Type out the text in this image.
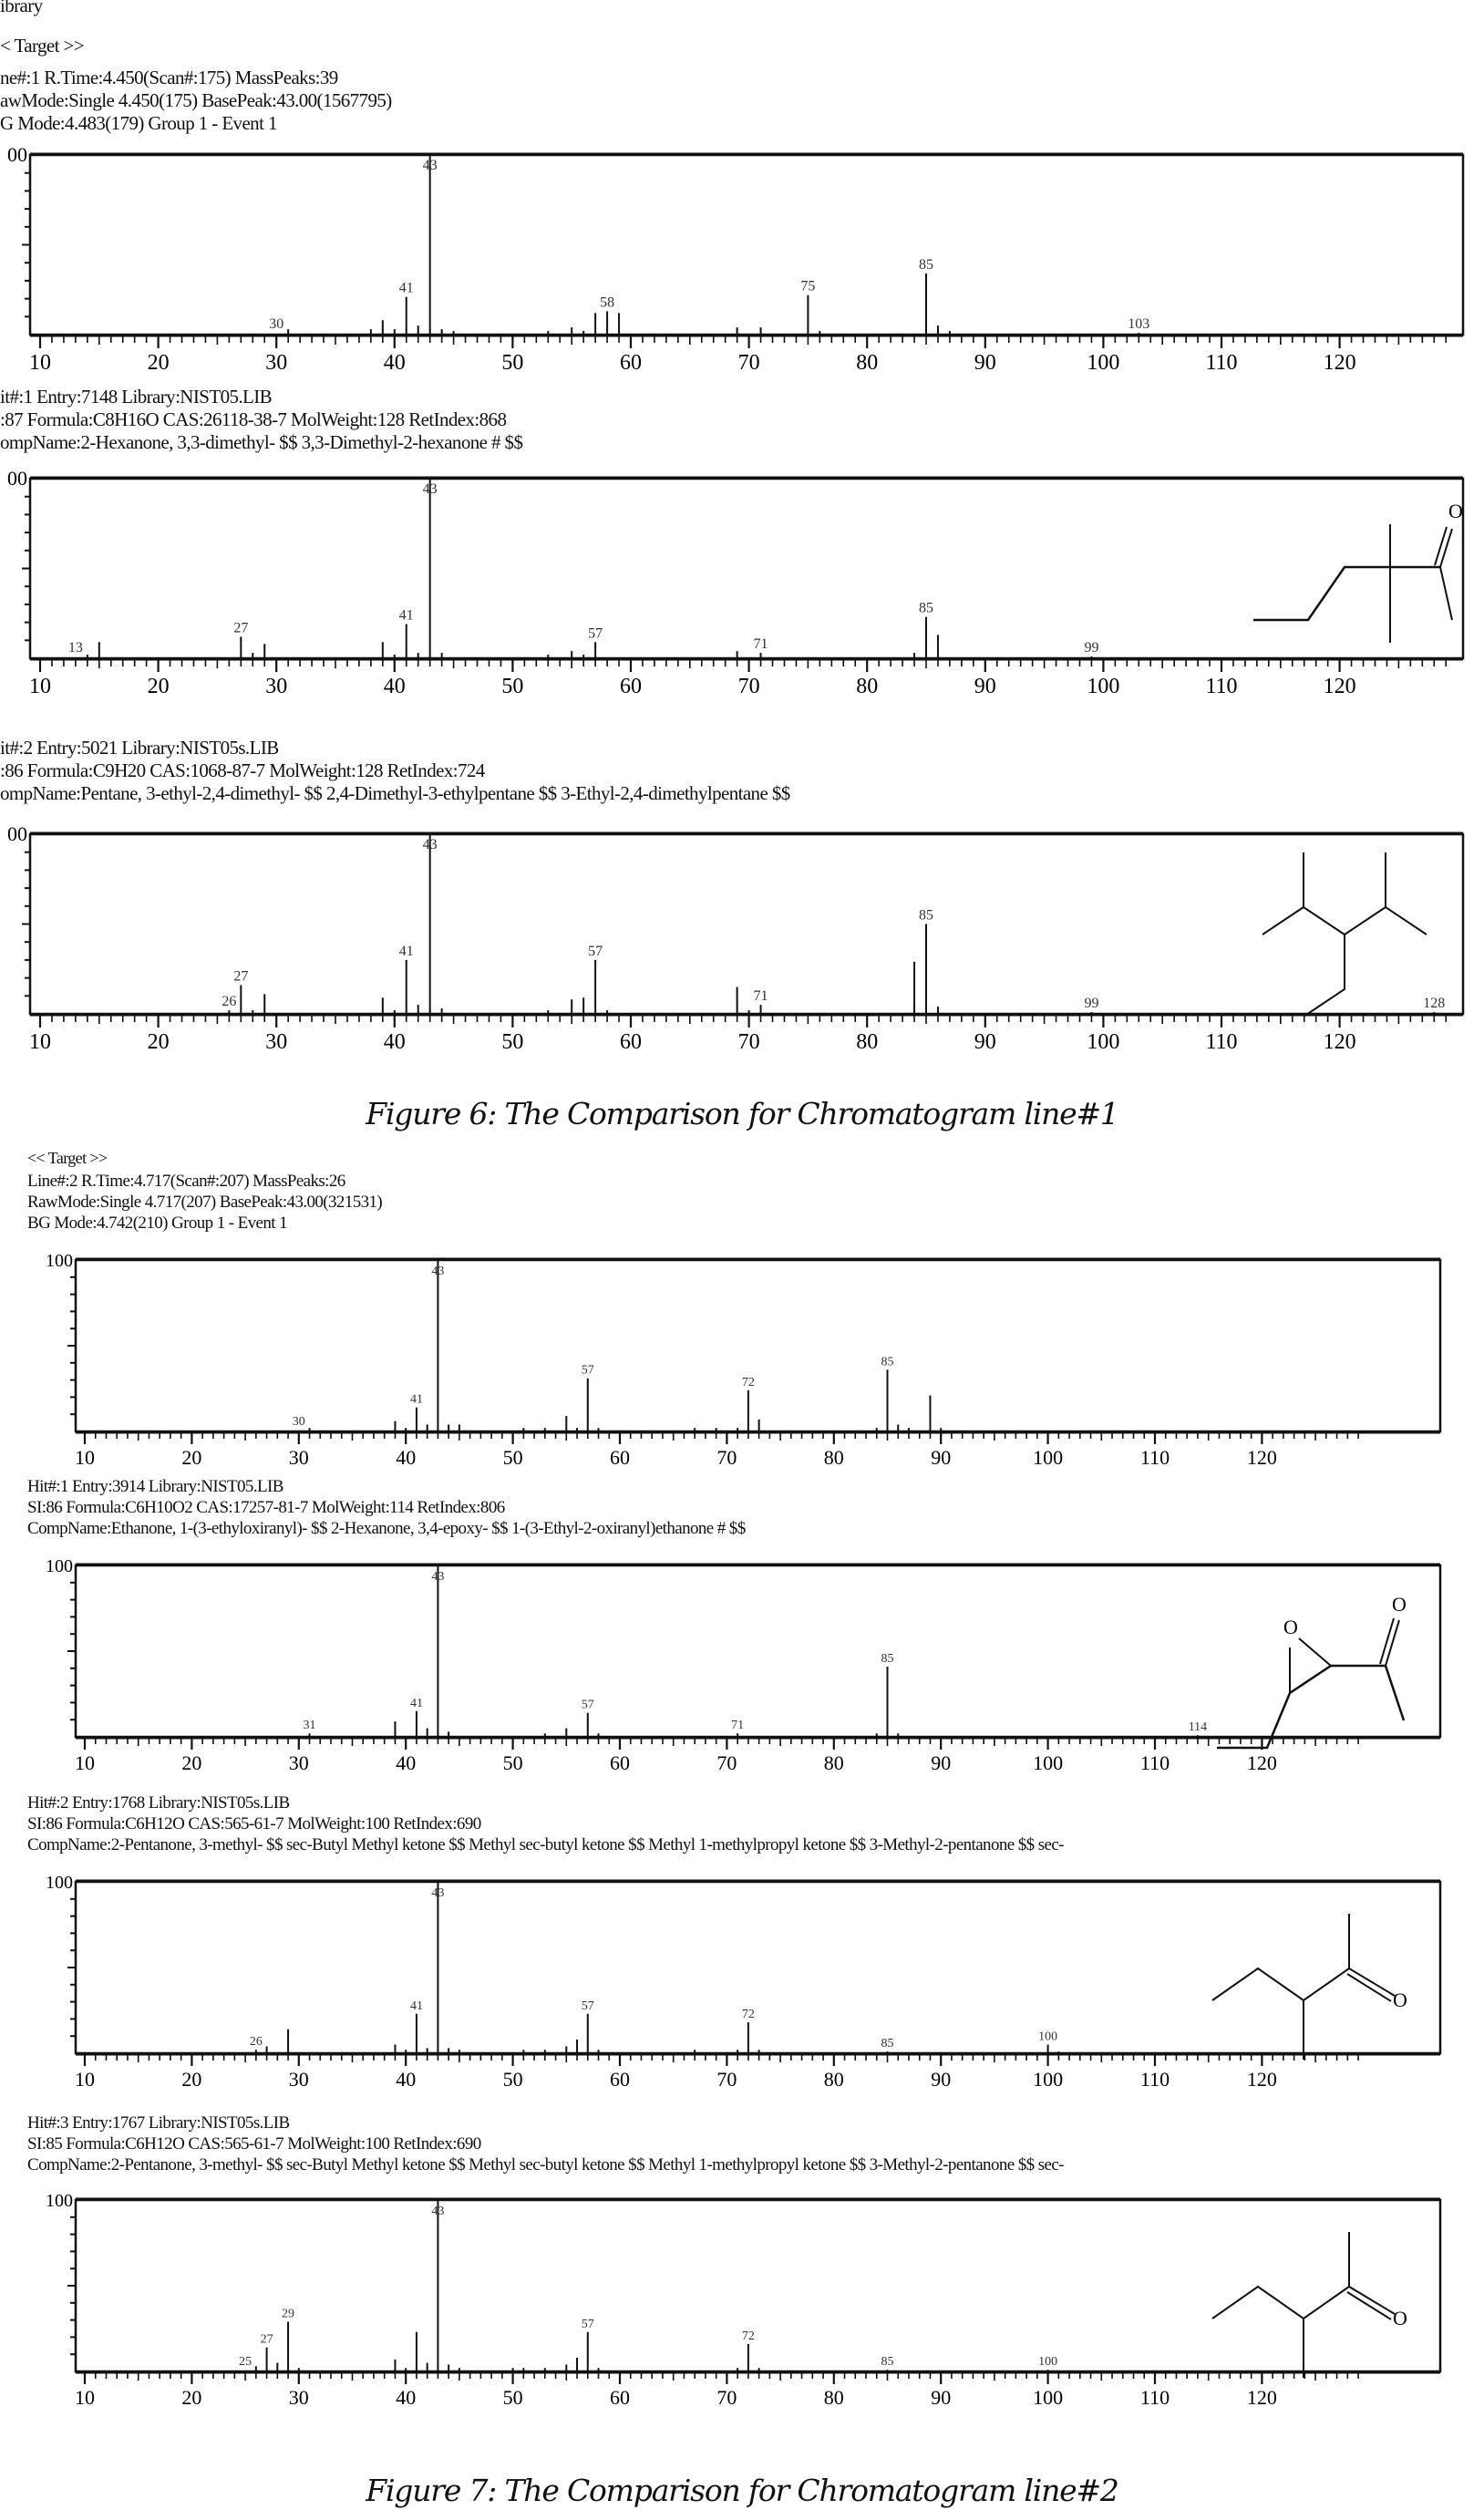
ibrary
< Target >>
ne#:1 R.Time:4.450(Scan#:175) MassPeaks:39
awMode:Single 4.450(175) BasePeak:43.00(1567795)
G Mode:4.483(179) Group 1 - Event 1
00
10	20	30	40	50	60	70	80	90	100	110	120
30
41
43
58
75
85
103
it#:1 Entry:7148 Library:NIST05.LIB
:87 Formula:C8H16O CAS:26118-38-7 MolWeight:128 RetIndex:868
ompName:2-Hexanone, 3,3-dimethyl- $$ 3,3-Dimethyl-2-hexanone # $$
00
10	20	30	40	50	60	70	80	90	100	110	120
13
27
41
43
57
71
85
99
O
it#:2 Entry:5021 Library:NIST05s.LIB
:86 Formula:C9H20 CAS:1068-87-7 MolWeight:128 RetIndex:724
ompName:Pentane, 3-ethyl-2,4-dimethyl- $$ 2,4-Dimethyl-3-ethylpentane $$ 3-Ethyl-2,4-dimethylpentane $$
00
10	20	30	40	50	60	70	80	90	100	110	120
26
27
41
43
57
71
85
99	128
Figure 6: The Comparison for Chromatogram line#1
<< Target >>
Line#:2 R.Time:4.717(Scan#:207) MassPeaks:26
RawMode:Single 4.717(207) BasePeak:43.00(321531)
BG Mode:4.742(210) Group 1 - Event 1
100
10	20	30	40	50	60	70	80	90	100	110	120
30
41
43
57
72
85
Hit#:1 Entry:3914 Library:NIST05.LIB
SI:86 Formula:C6H10O2 CAS:17257-81-7 MolWeight:114 RetIndex:806
CompName:Ethanone, 1-(3-ethyloxiranyl)- $$ 2-Hexanone, 3,4-epoxy- $$ 1-(3-Ethyl-2-oxiranyl)ethanone # $$
100
10	20	30	40	50	60	70	80	90	100	110	120
31
41
43
57
71
85
114
O
O
Hit#:2 Entry:1768 Library:NIST05s.LIB
SI:86 Formula:C6H12O CAS:565-61-7 MolWeight:100 RetIndex:690
CompName:2-Pentanone, 3-methyl- $$ sec-Butyl Methyl ketone $$ Methyl sec-butyl ketone $$ Methyl 1-methylpropyl ketone $$ 3-Methyl-2-pentanone $$ sec-
100
10	20	30	40	50	60	70	80	90	100	110	120
26
41
43
57
72
85
100
O
Hit#:3 Entry:1767 Library:NIST05s.LIB
SI:85 Formula:C6H12O CAS:565-61-7 MolWeight:100 RetIndex:690
CompName:2-Pentanone, 3-methyl- $$ sec-Butyl Methyl ketone $$ Methyl sec-butyl ketone $$ Methyl 1-methylpropyl ketone $$ 3-Methyl-2-pentanone $$ sec-
100
10	20	30	40	50	60	70	80	90	100	110	120
25
27
29
43
57
72
85	100
O
Figure 7: The Comparison for Chromatogram line#2
